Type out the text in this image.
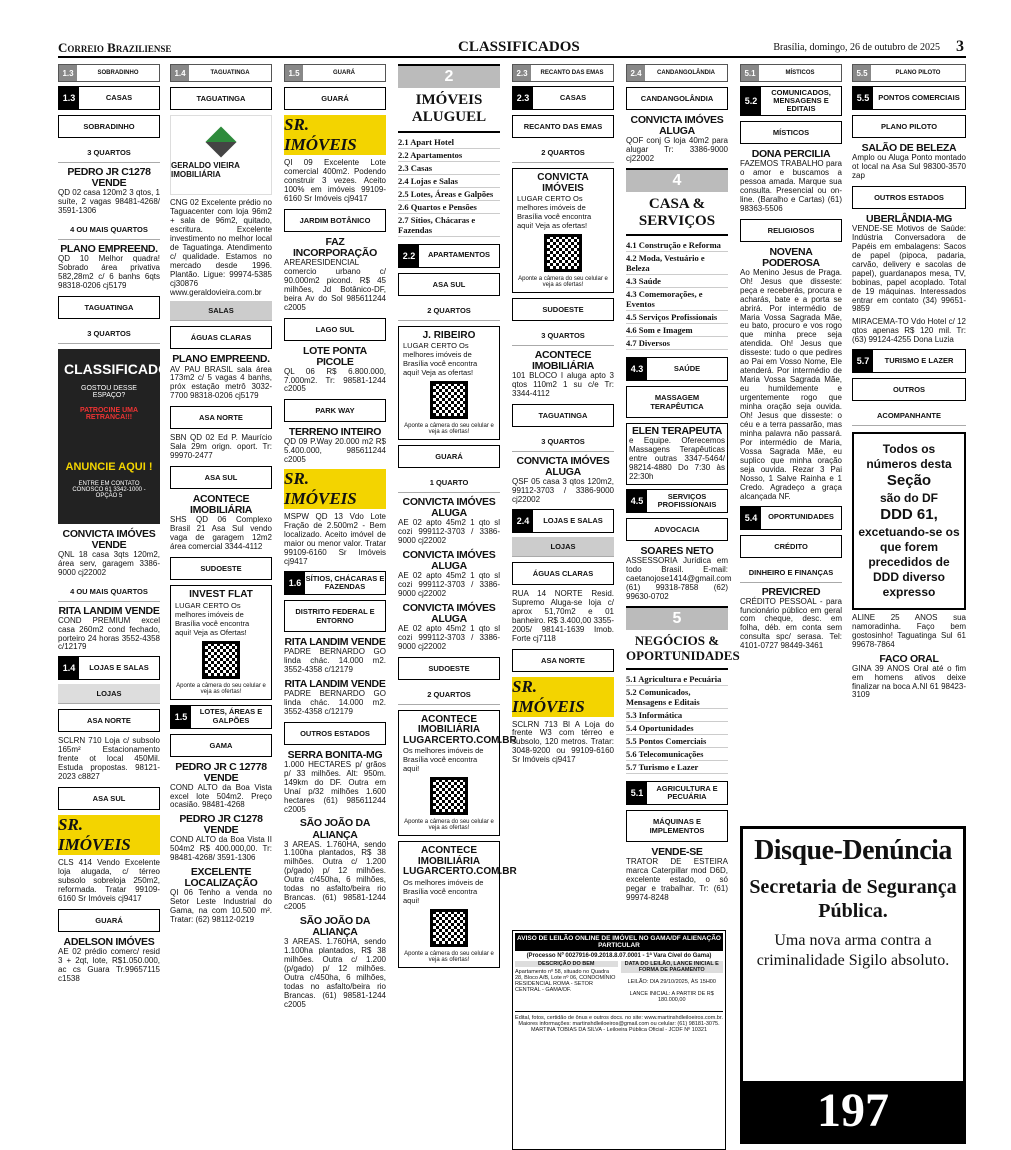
Correio Braziliense	CLASSIFICADOS	Brasília, domingo, 26 de outubro de 2025 3
1.3	SOBRADINHO
1.3	CASAS
SOBRADINHO
3 QUARTOS
PEDRO JR C1278 VENDE
QD 02 casa 120m2 3 qtos, 1 suíte, 2 vagas 98481-4268/ 3591-1306
4 OU MAIS QUARTOS
PLANO EMPREEND.
QD 10 Melhor quadra! Sobrado área privativa 582,28m2 c/ 6 banhs 6qts 98318-0206 cj5179
TAGUATINGA
3 QUARTOS
CLASSIFICADOS
GOSTOU DESSE ESPAÇO?
PATROCINE UMA RETRANCA!!!
ANUNCIE AQUI !
ENTRE EM CONTATO CONOSCO 61 3342-1000 - OPÇÃO 5
CONVICTA IMÓVES VENDE
QNL 18 casa 3qts 120m2, área serv, garagem 3386-9000 cj22002
4 OU MAIS QUARTOS
RITA LANDIM VENDE
COND PREMIUM excel casa 260m2 cond fechado, porteiro 24 horas 3552-4358 c/12179
1.4	LOJAS E SALAS
LOJAS
ASA NORTE
SCLRN 710 Loja c/ subsolo 165m² Estacionamento frente ot local 450Mil. Estuda propostas. 98121-2023 c8827
ASA SUL
SR. IMÓVEIS
CLS 414 Vendo Excelente loja alugada, c/ térreo subsolo sobreloja 250m2, reformada. Tratar 99109-6160 Sr Imóveis cj9417
GUARÁ
ADELSON IMÓVES
AE 02 prédio comerc/ resid 3 + 2qt, lote, R$1.050.000, ac cs Guara Tr.99657115 c1538
1.4	TAGUATINGA
TAGUATINGA
GERALDO VIEIRA IMOBILIÁRIA
CNG 02 Excelente prédio no Taguacenter com loja 96m2 + sala de 96m2, quitado, escritura. Excelente investimento no melhor local de Taguatinga. Atendimento c/ qualidade. Estamos no mercado desde 1996. Plantão. Ligue: 99974-5385 cj30876 www.geraldovieira.com.br
SALAS
ÁGUAS CLARAS
PLANO EMPREEND.
AV PAU BRASIL sala área 173m2 c/ 5 vagas 4 banhs, próx estação metrô 3032-7700 98318-0206 cj5179
ASA NORTE
SBN QD 02 Ed P. Maurício Sala 29m orign. oport. Tr: 99970-2477
ASA SUL
ACONTECE IMOBILIÁRIA
SHS QD 06 Complexo Brasil 21 Asa Sul vendo vaga de garagem 12m2 área comercial 3344-4112
SUDOESTE
INVEST FLAT
LUGAR CERTO Os melhores imóveis de Brasília você encontra aqui! Veja as Ofertas!
Aponte a câmera do seu celular e veja as ofertas!
1.5	LOTES, ÁREAS E GALPÕES
GAMA
PEDRO JR C 12778 VENDE
COND ALTO da Boa Vista excel lote 504m2. Preço ocasião. 98481-4268
PEDRO JR C1278 VENDE
COND ALTO da Boa Vista II 504m2 R$ 400.000,00. Tr: 98481-4268/ 3591-1306
EXCELENTE LOCALIZAÇÃO
QI 06 Tenho a venda no Setor Leste Industrial do Gama, na com 10.500 m². Tratar: (62) 98112-0219
1.5	GUARÁ
GUARÁ
SR. IMÓVEIS
QI 09 Excelente Lote comercial 400m2. Podendo construir 3 vezes. Aceito 100% em imóveis 99109-6160 Sr Imóveis cj9417
JARDIM BOTÂNICO
FAZ INCORPORAÇÃO
AREARESIDENCIAL comercio urbano c/ 90.000m2 picond. R$ 45 milhões, Jd Botânico-DF, beira Av do Sol 985611244 c2005
LAGO SUL
LOTE PONTA PICOLE
QL 06 R$ 6.800.000, 7.000m2. Tr: 98581-1244 c2005
PARK WAY
TERRENO INTEIRO
QD 09 P.Way 20.000 m2 R$ 5.400.000, 985611244 c2005
SR. IMÓVEIS
MSPW QD 13 Vdo Lote Fração de 2.500m2 - Bem localizado. Aceito imóvel de maior ou menor valor. Tratar 99109-6160 Sr Imóveis cj9417
1.6 SÍTIOS, CHÁCARAS E FAZENDAS
DISTRITO FEDERAL E ENTORNO
RITA LANDIM VENDE
PADRE BERNARDO GO linda chác. 14.000 m2. 3552-4358 c/12179
RITA LANDIM VENDE
PADRE BERNARDO GO linda chác. 14.000 m2. 3552-4358 c/12179
OUTROS ESTADOS
SERRA BONITA-MG
1.000 HECTARES p/ grãos p/ 33 milhões. Alt: 950m. 149km do DF. Outra em Unaí p/32 milhões 1.600 hectares (61) 985611244 c2005
SÃO JOÃO DA ALIANÇA
3 AREAS. 1.760HA, sendo 1.100ha plantados, R$ 38 milhões. Outra c/ 1.200 (p/gado) p/ 12 milhões. Outra c/450ha, 6 milhões, todas no asfalto/beira rio Brancas. (61) 98581-1244 c2005
SÃO JOÃO DA ALIANÇA
3 AREAS. 1.760HA, sendo 1.100ha plantados, R$ 38 milhões. Outra c/ 1.200 (p/gado) p/ 12 milhões. Outra c/450ha, 6 milhões, todas no asfalto/beira rio Brancas. (61) 98581-1244 c2005
2
IMÓVEIS ALUGUEL
2.1 Apart Hotel
2.2 Apartamentos
2.3 Casas
2.4 Lojas e Salas
2.5 Lotes, Áreas e Galpões
2.6 Quartos e Pensões
2.7 Sítios, Chácaras e Fazendas
2.2	APARTAMENTOS
ASA SUL
2 QUARTOS
J. RIBEIRO
LUGAR CERTO Os melhores imóveis de Brasília você encontra aqui! Veja as ofertas!
Aponte a câmera do seu celular e veja as ofertas!
GUARÁ
1 QUARTO
CONVICTA IMÓVES ALUGA
AE 02 apto 45m2 1 qto sl cozi 999112-3703 / 3386-9000 cj22002
CONVICTA IMÓVES ALUGA
AE 02 apto 45m2 1 qto sl cozi 999112-3703 / 3386-9000 cj22002
CONVICTA IMÓVES ALUGA
AE 02 apto 45m2 1 qto sl cozi 999112-3703 / 3386-9000 cj22002
SUDOESTE
2 QUARTOS
ACONTECE IMOBILIÁRIA LUGARCERTO.COM.BR
Os melhores imóveis de Brasília você encontra aqui!
Aponte a câmera do seu celular e veja as ofertas!
ACONTECE IMOBILIÁRIA LUGARCERTO.COM.BR
Os melhores imóveis de Brasília você encontra aqui!
Aponte a câmera do seu celular e veja as ofertas!
2.3	RECANTO DAS EMAS
2.3	CASAS
RECANTO DAS EMAS
2 QUARTOS
CONVICTA IMÓVEIS
LUGAR CERTO Os melhores imóveis de Brasília você encontra aqui! Veja as ofertas!
Aponte a câmera do seu celular e veja as ofertas!
SUDOESTE
3 QUARTOS
ACONTECE IMOBILIÁRIA
101 BLOCO I aluga apto 3 qtos 110m2 1 su c/e Tr: 3344-4112
TAGUATINGA
3 QUARTOS
CONVICTA IMÓVES ALUGA
QSF 05 casa 3 qtos 120m2, 99112-3703 / 3386-9000 cj22002
2.4	LOJAS E SALAS
LOJAS
ÁGUAS CLARAS
RUA 14 NORTE Resid. Supremo Aluga-se loja c/ aprox 51,70m2 e 01 banheiro. R$ 3.400,00 3355-2005/ 98141-1639 Imob. Forte cj7118
ASA NORTE
SR. IMÓVEIS
SCLRN 713 Bl A Loja do frente W3 com térreo e subsolo, 120 metros. Tratar: 3048-9200 ou 99109-6160 Sr Imóveis cj9417
AVISO DE LEILÃO ONLINE DE IMÓVEL NO GAMA/DF ALIENAÇÃO PARTICULAR
(Processo Nº 0027916-09.2018.8.07.0001 - 1ª Vara Cível do Gama)
DESCRIÇÃO DO BEM
Apartamento nº 58, situado no Quadra 28, Bloco A/B, Lote nº 06, CONDOMÍNIO RESIDENCIAL ROMA - SETOR CENTRAL - GAMA/DF.
DATA DO LEILÃO, LANCE INICIAL E FORMA DE PAGAMENTO
LEILÃO: DIA 29/10/2025, ÀS 15H00
LANCE INICIAL: A PARTIR DE R$ 180.000,00
Edital, fotos, certidão de ônus e outros docs. no site: www.martinshdleiloeiros.com.br. Maiores informações: martinshdleiloeiros@gmail.com ou celular: (61) 98181-3075. MARTINA TOBIAS DA SILVA - Leiloeira Pública Oficial - JCDF Nº 10321
2.4	CANDANGOLÂNDIA
CANDANGOLÂNDIA
CONVICTA IMÓVES ALUGA
QOF conj G loja 40m2 para alugar Tr: 3386-9000 cj22002
4
CASA & SERVIÇOS
4.1 Construção e Reforma
4.2 Moda, Vestuário e Beleza
4.3 Saúde
4.3 Comemorações, e Eventos
4.5 Serviços Profissionais
4.6 Som e Imagem
4.7 Diversos
4.3	SAÚDE
MASSAGEM TERAPÊUTICA
ELEN TERAPEUTA
e Equipe. Oferecemos Massagens Terapêuticas entre outras 3347-5464/ 98214-4880 Do 7:30 às 22:30h
4.5	SERVIÇOS PROFISSIONAIS
ADVOCACIA
SOARES NETO
ASSESSORIA Jurídica em todo Brasil. E-mail: caetanojose1414@gmail.com (61) 99318-7858 (62) 99630-0702
5
NEGÓCIOS & OPORTUNIDADES
5.1 Agricultura e Pecuária
5.2 Comunicados, Mensagens e Editais
5.3 Informática
5.4 Oportunidades
5.5 Pontos Comerciais
5.6 Telecomunicações
5.7 Turismo e Lazer
5.1	AGRICULTURA E PECUÁRIA
MÁQUINAS E IMPLEMENTOS
VENDE-SE
TRATOR DE ESTEIRA marca Caterpillar mod D6D, excelente estado, o só pegar e trabalhar. Tr: (61) 99974-8248
5.1	MÍSTICOS
5.2
COMUNICADOS, MENSAGENS E EDITAIS
MÍSTICOS
DONA PERCILIA
FAZEMOS TRABALHO para o amor e buscamos a pessoa amada. Marque sua consulta. Presencial ou on-line. (Baralho e Cartas) (61) 98363-5506
RELIGIOSOS
NOVENA PODEROSA
Ao Menino Jesus de Praga. Oh! Jesus que disseste: peça e receberás, procura e acharás, bate e a porta se abrirá. Por intermédio de Maria Vossa Sagrada Mãe, eu bato, procuro e vos rogo que minha prece seja atendida. Oh! Jesus que disseste: tudo o que pedires ao Pai em Vosso Nome, Ele atenderá. Por intermédio de Maria Vossa Sagrada Mãe, eu humildemente e urgentemente rogo que minha oração seja ouvida. Oh! Jesus que disseste: o céu e a terra passarão, mas minha palavra não passará. Por intermédio de Maria, Vossa Sagrada Mãe, eu suplico que minha oração seja ouvida. Rezar 3 Pai Nosso, 1 Salve Rainha e 1 Credo. Agradeço a graça alcançada NF.
5.4	OPORTUNIDADES
CRÉDITO
DINHEIRO E FINANÇAS
PREVICRED
CRÉDITO PESSOAL - para funcionário público em geral com cheque, desc. em folha, déb. em conta sem consulta spc/ serasa. Tel: 4101-0727 98449-3461
5.5	PLANO PILOTO
5.5	PONTOS COMERCIAIS
PLANO PILOTO
SALÃO DE BELEZA
Amplo ou Aluga Ponto montado ot local na Asa Sul 98300-3570 zap
OUTROS ESTADOS
UBERLÂNDIA-MG
VENDE-SE Motivos de Saúde: Indústria Conversadora de Papéis em embalagens: Sacos de papel (pipoca, padaria, carvão, delivery e sacolas de papel), guardanapos mesa, TV, bobinas, papel acoplado. Total de 19 máquinas. Interessados entrar em contato (34) 99651-9859
MIRACEMA-TO Vdo Hotel c/ 12 qtos apenas R$ 120 mil. Tr: (63) 99124-4255 Dona Luzia
5.7	TURISMO E LAZER
OUTROS
ACOMPANHANTE
Todos os números desta
Seção
são do DF
DDD 61,
excetuando-se os que forem precedidos de DDD diverso expresso
ALINE 25 ANOS sua namoradinha. Faço bem gostosinho! Taguatinga Sul 61 99678-7864
FACO ORAL
GINA 39 ANOS Oral até o fim em homens ativos deixe finalizar na boca A.NI 61 98423-3109
Disque-Denúncia
Secretaria de Segurança Pública.
Uma nova arma contra a criminalidade Sigilo absoluto.
197
